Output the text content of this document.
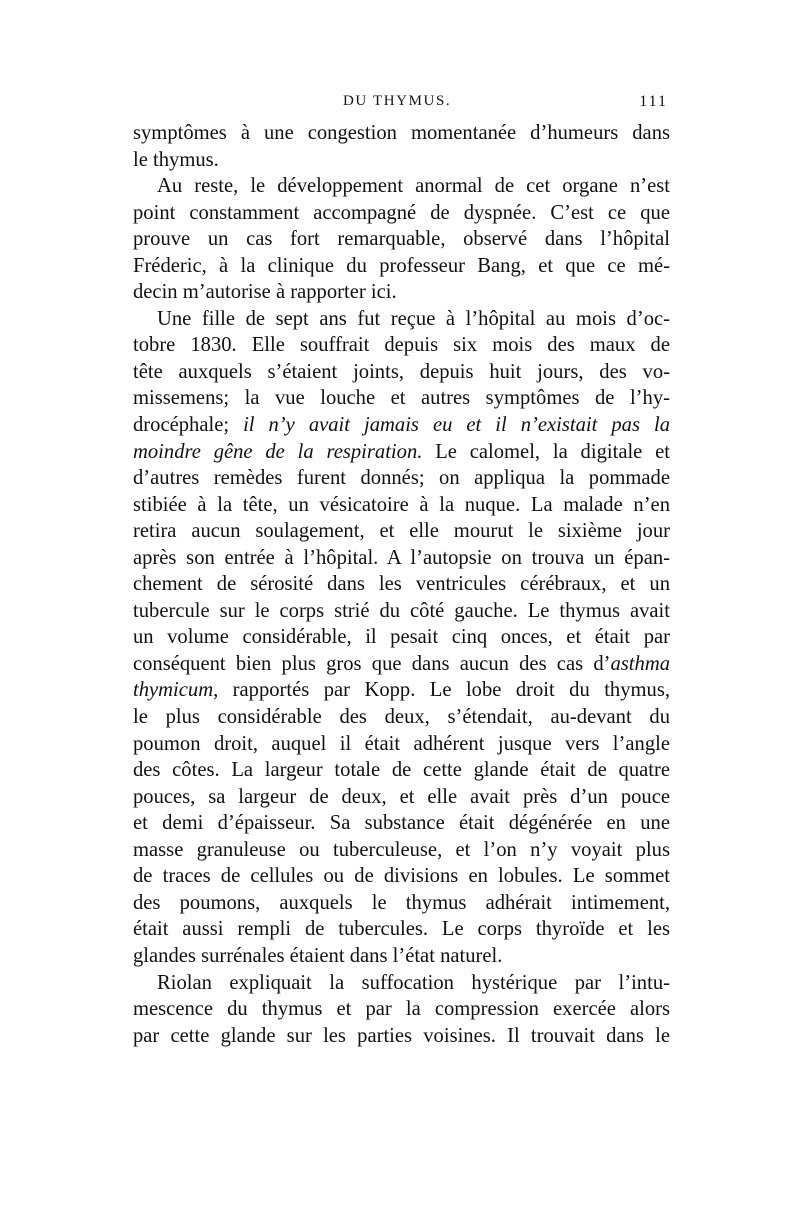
DU THYMUS.	111
symptômes à une congestion momentanée d’humeurs dans
le thymus.
Au reste, le développement anormal de cet organe n’est
point constamment accompagné de dyspnée. C’est ce que
prouve un cas fort remarquable, observé dans l’hôpital
Fréderic, à la clinique du professeur Bang, et que ce mé-
decin m’autorise à rapporter ici.
Une fille de sept ans fut reçue à l’hôpital au mois d’oc-
tobre 1830. Elle souffrait depuis six mois des maux de
tête auxquels s’étaient joints, depuis huit jours, des vo-
missemens; la vue louche et autres symptômes de l’hy-
drocéphale; il n’y avait jamais eu et il n’existait pas la
moindre gêne de la respiration. Le calomel, la digitale et
d’autres remèdes furent donnés; on appliqua la pommade
stibiée à la tête, un vésicatoire à la nuque. La malade n’en
retira aucun soulagement, et elle mourut le sixième jour
après son entrée à l’hôpital. A l’autopsie on trouva un épan-
chement de sérosité dans les ventricules cérébraux, et un
tubercule sur le corps strié du côté gauche. Le thymus avait
un volume considérable, il pesait cinq onces, et était par
conséquent bien plus gros que dans aucun des cas d’asthma
thymicum, rapportés par Kopp. Le lobe droit du thymus,
le plus considérable des deux, s’étendait, au-devant du
poumon droit, auquel il était adhérent jusque vers l’angle
des côtes. La largeur totale de cette glande était de quatre
pouces, sa largeur de deux, et elle avait près d’un pouce
et demi d’épaisseur. Sa substance était dégénérée en une
masse granuleuse ou tuberculeuse, et l’on n’y voyait plus
de traces de cellules ou de divisions en lobules. Le sommet
des poumons, auxquels le thymus adhérait intimement,
était aussi rempli de tubercules. Le corps thyroïde et les
glandes surrénales étaient dans l’état naturel.
Riolan expliquait la suffocation hystérique par l’intu-
mescence du thymus et par la compression exercée alors
par cette glande sur les parties voisines. Il trouvait dans le
